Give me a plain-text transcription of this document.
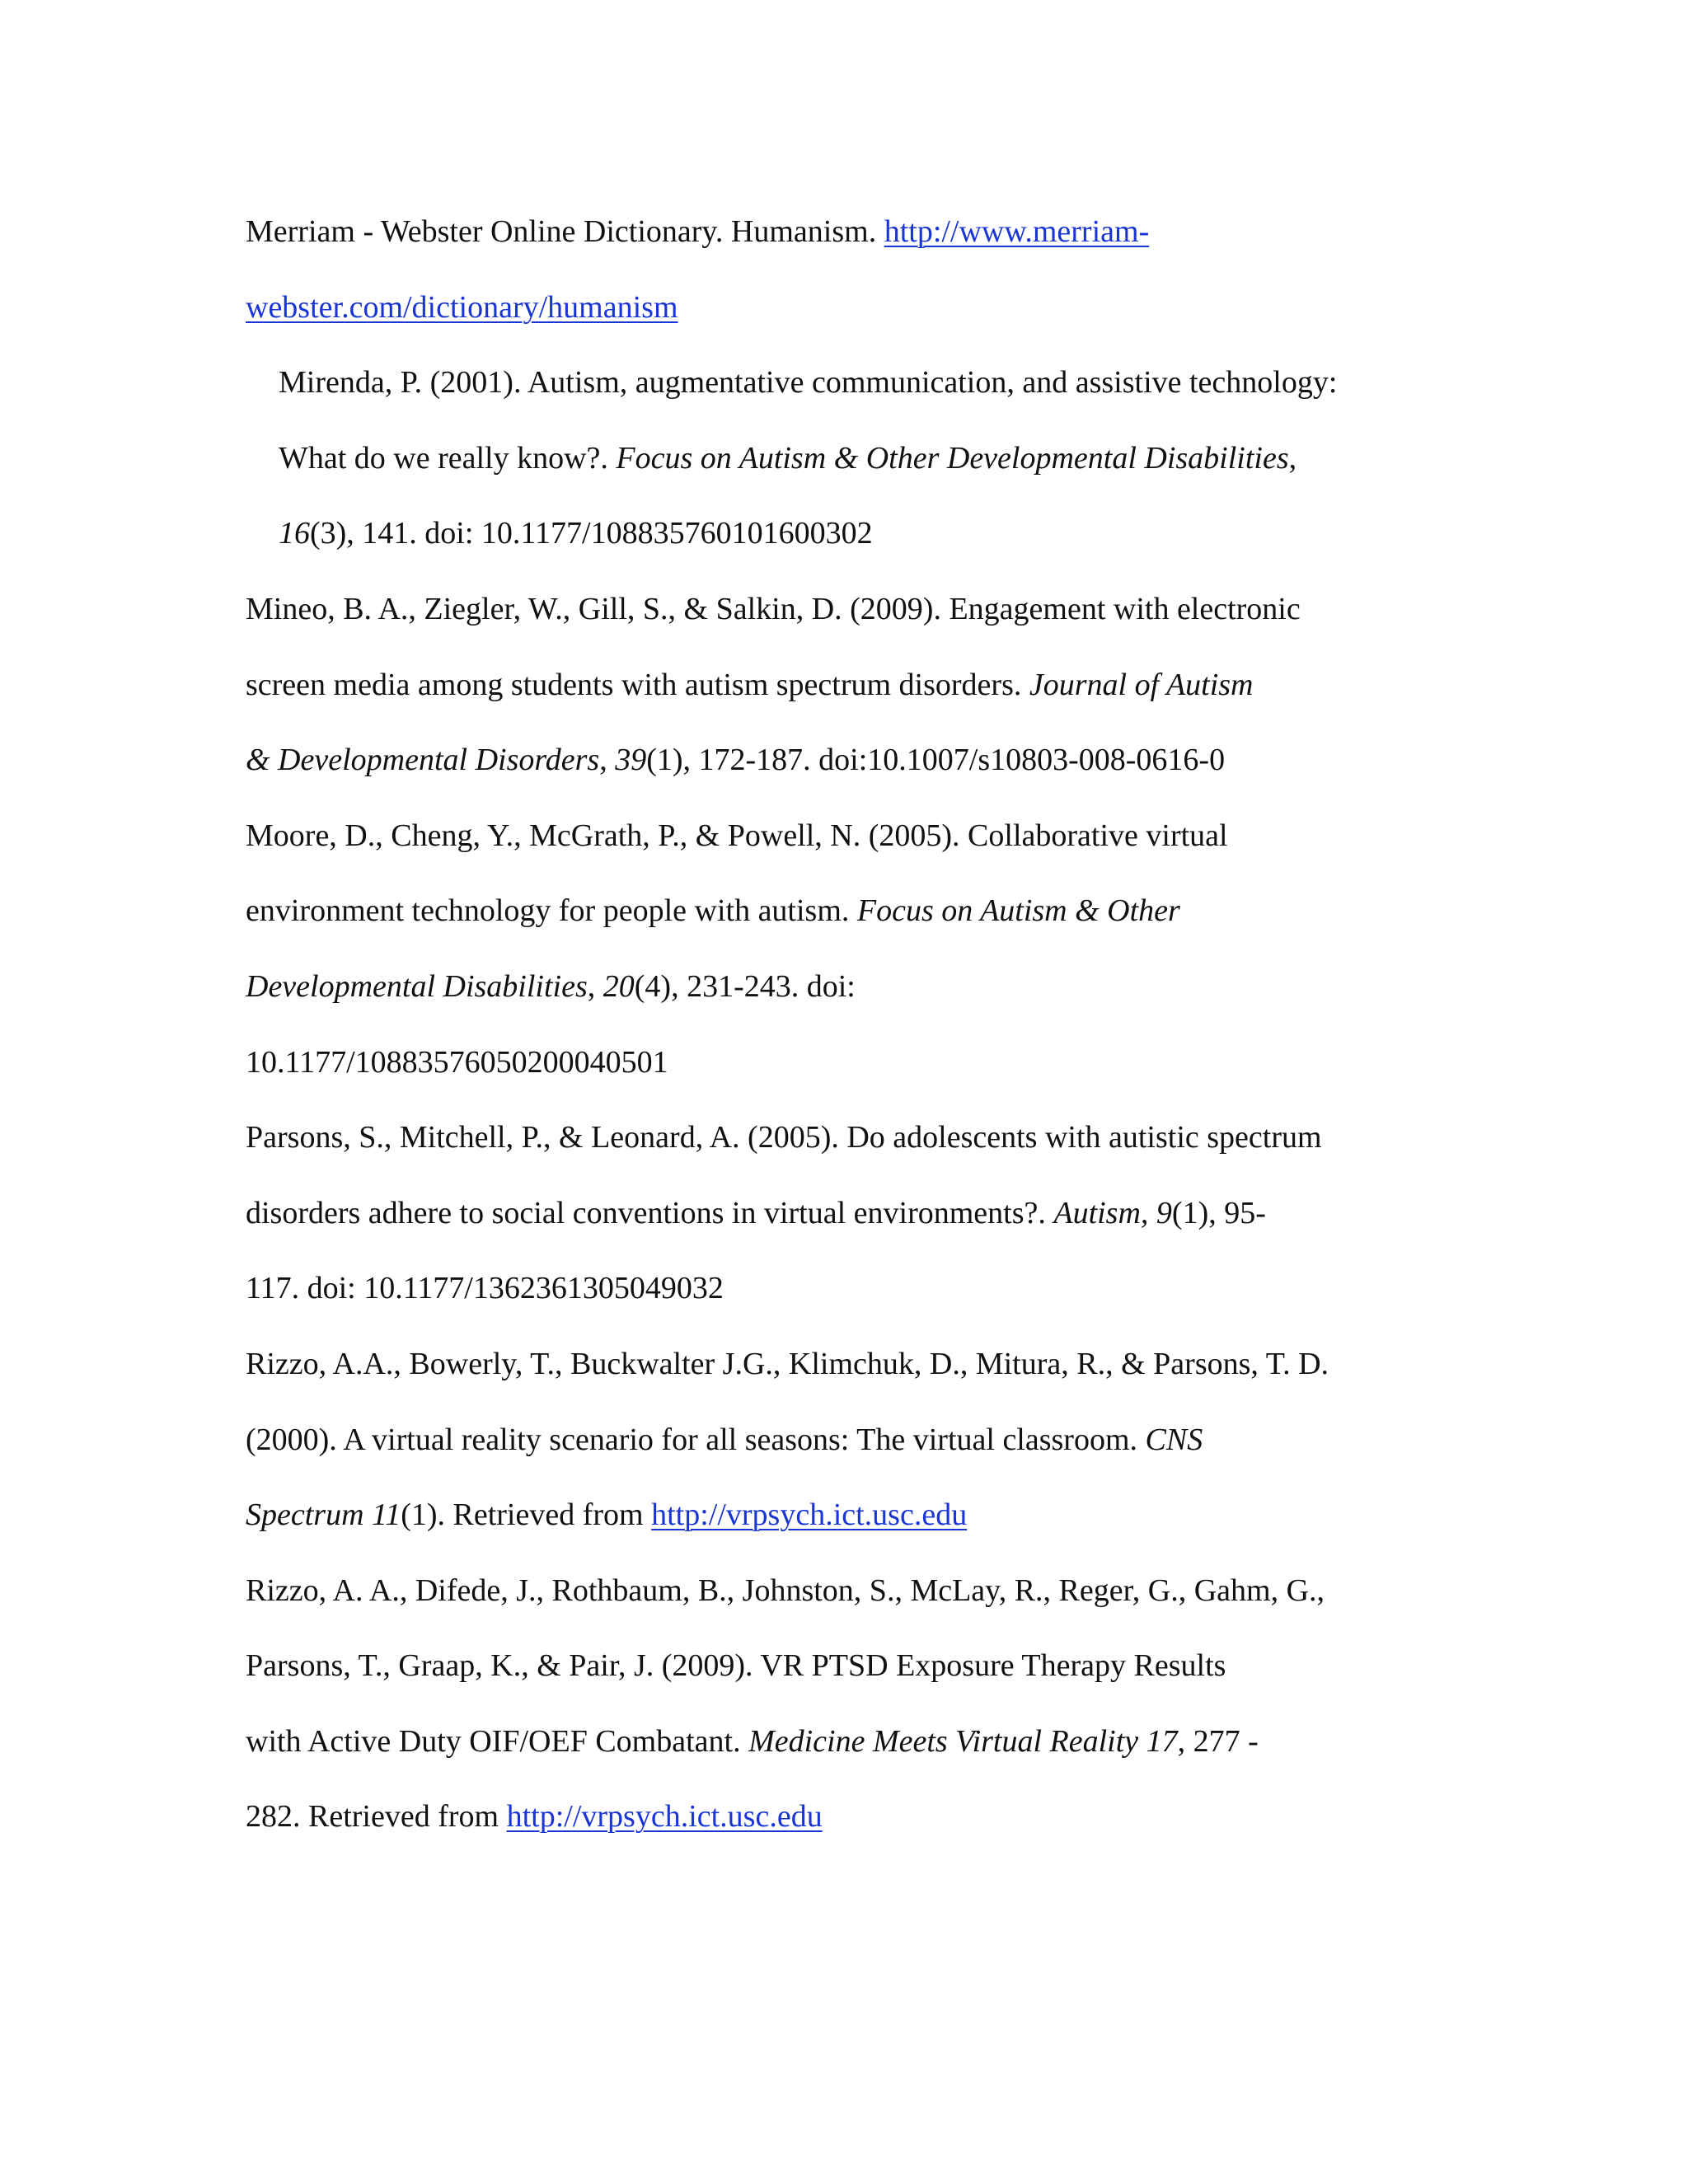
Merriam - Webster Online Dictionary. Humanism. http://www.merriam-
webster.com/dictionary/humanism
Mirenda, P. (2001). Autism, augmentative communication, and assistive technology:
What do we really know?. Focus on Autism & Other Developmental Disabilities,
16(3), 141. doi: 10.1177/108835760101600302
Mineo, B. A., Ziegler, W., Gill, S., & Salkin, D. (2009). Engagement with electronic
screen media among students with autism spectrum disorders. Journal of Autism
& Developmental Disorders, 39(1), 172-187. doi:10.1007/s10803-008-0616-0
Moore, D., Cheng, Y., McGrath, P., & Powell, N. (2005). Collaborative virtual
environment technology for people with autism. Focus on Autism & Other
Developmental Disabilities, 20(4), 231-243. doi:
10.1177/10883576050200040501
Parsons, S., Mitchell, P., & Leonard, A. (2005). Do adolescents with autistic spectrum
disorders adhere to social conventions in virtual environments?. Autism, 9(1), 95-
117. doi: 10.1177/1362361305049032
Rizzo, A.A., Bowerly, T., Buckwalter J.G., Klimchuk, D., Mitura, R., & Parsons, T. D.
(2000). A virtual reality scenario for all seasons: The virtual classroom. CNS
Spectrum 11(1). Retrieved from http://vrpsych.ict.usc.edu
Rizzo, A. A., Difede, J., Rothbaum, B., Johnston, S., McLay, R., Reger, G., Gahm, G.,
Parsons, T., Graap, K., & Pair, J. (2009). VR PTSD Exposure Therapy Results
with Active Duty OIF/OEF Combatant. Medicine Meets Virtual Reality 17, 277 -
282. Retrieved from http://vrpsych.ict.usc.edu
